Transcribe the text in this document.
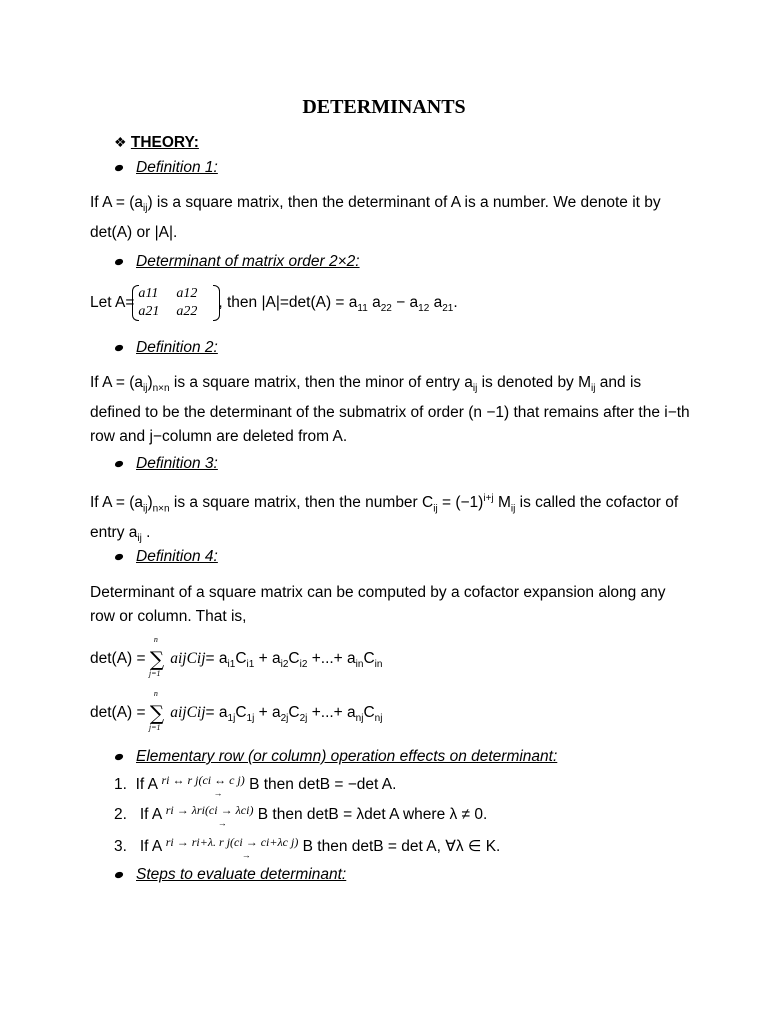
DETERMINANTS
❖ THEORY:
Definition 1:
If $A = (a_{ij})$ is a square matrix, then the determinant of A is a number. We denote it by det(A) or |A|.
Determinant of matrix order 2×2:
Let A=
a11 a12
a21 a22
, then $|A|=\det(A) = a_{11}$ $a_{22} - a_{12}$ $a_{21}$.
Definition 2:
If $A = (a_{ij})_{n\times n}$ is a square matrix, then the minor of entry $a_{ij}$ is denoted by $M_{ij}$ and is defined to be the determinant of the submatrix of order (n −1) that remains after the i−th row and j−column are deleted from A.
Definition 3:
If $A = (a_{ij})_{n\times n}$ is a square matrix, then the number $C_{ij} = (-1)^{i+j}$ $M_{ij}$ is called the cofactor of entry $a_{ij}$ .
Definition 4:
Determinant of a square matrix can be computed by a cofactor expansion along any row or column. That is,
det(A) =
n
∑
j=1
aijCij= $a_{i1}C_{i1} + a_{i2}C_{i2}$ +...+ $a_{in}C_{in}$
det(A) =
n
∑
j=1
aijCij= $a_{1j}C_{1j} + a_{2j}C_{2j}$ +...+ $a_{nj}C_{nj}$
Elementary row (or column) operation effects on determinant:
1. If A $^{ri \leftrightarrow r j(ci \leftrightarrow c j)}$
→ B then detB = −det A.
2. If A $^{ri \to \lambda ri(ci \to \lambda ci)}$
→ B then detB = λdet A where λ ≠ 0.
3. If A $^{ri \to ri+\lambda. r j(ci \to ci+\lambda c j)}$
→	B then detB = det A, ∀λ ∈ K.
Steps to evaluate determinant:
